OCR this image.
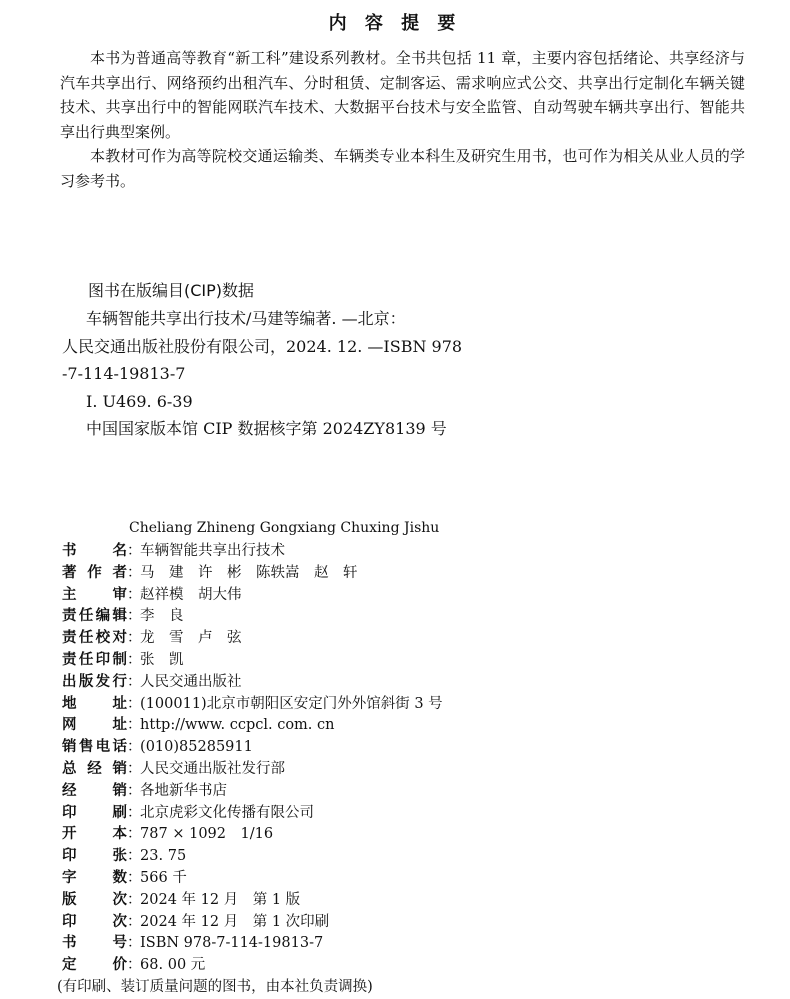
内 容 提 要

本书为普通高等教育“新工科”建设系列教材。全书共包括 11 章，主要内容包括绪论、共享经济与汽车共享出行、网络预约出租汽车、分时租赁、定制客运、需求响应式公交、共享出行定制化车辆关键技术、共享出行中的智能网联汽车技术、大数据平台技术与安全监管、自动驾驶车辆共享出行、智能共享出行典型案例。

本教材可作为高等院校交通运输类、车辆类专业本科生及研究生用书，也可作为相关从业人员的学习参考书。

图书在版编目(CIP)数据
车辆智能共享出行技术/马建等编著. —北京：
人民交通出版社股份有限公司，2024. 12. —ISBN 978
-7-114-19813-7
Ⅰ. U469. 6-39
中国国家版本馆 CIP 数据核字第 2024ZY8139 号
Cheliang Zhineng Gongxiang Chuxing Jishu
书名 ：
车辆智能共享出行技术
著作者 ：
马　建　许　彬　陈轶嵩　赵　轩
主审 ：
赵祥模　胡大伟
责任编辑 ：
李　良
责任校对 ：
龙　雪　卢　弦
责任印制 ：
张　凯
出版发行 ：
人民交通出版社
地址 ：
(100011)北京市朝阳区安定门外外馆斜街 3 号
网址 ：
http://www. ccpcl. com. cn
销售电话 ：
(010)85285911
总经销 ：
人民交通出版社发行部
经销 ：
各地新华书店
印刷 ：
北京虎彩文化传播有限公司
开本 ：
787 × 1092　1/16
印张 ：
23. 75
字数 ：
566 千
版次 ：
2024 年 12 月　第 1 版
印次 ：
2024 年 12 月　第 1 次印刷
书号 ：
ISBN 978-7-114-19813-7
定价 ：
68. 00 元
(有印刷、装订质量问题的图书，由本社负责调换)
